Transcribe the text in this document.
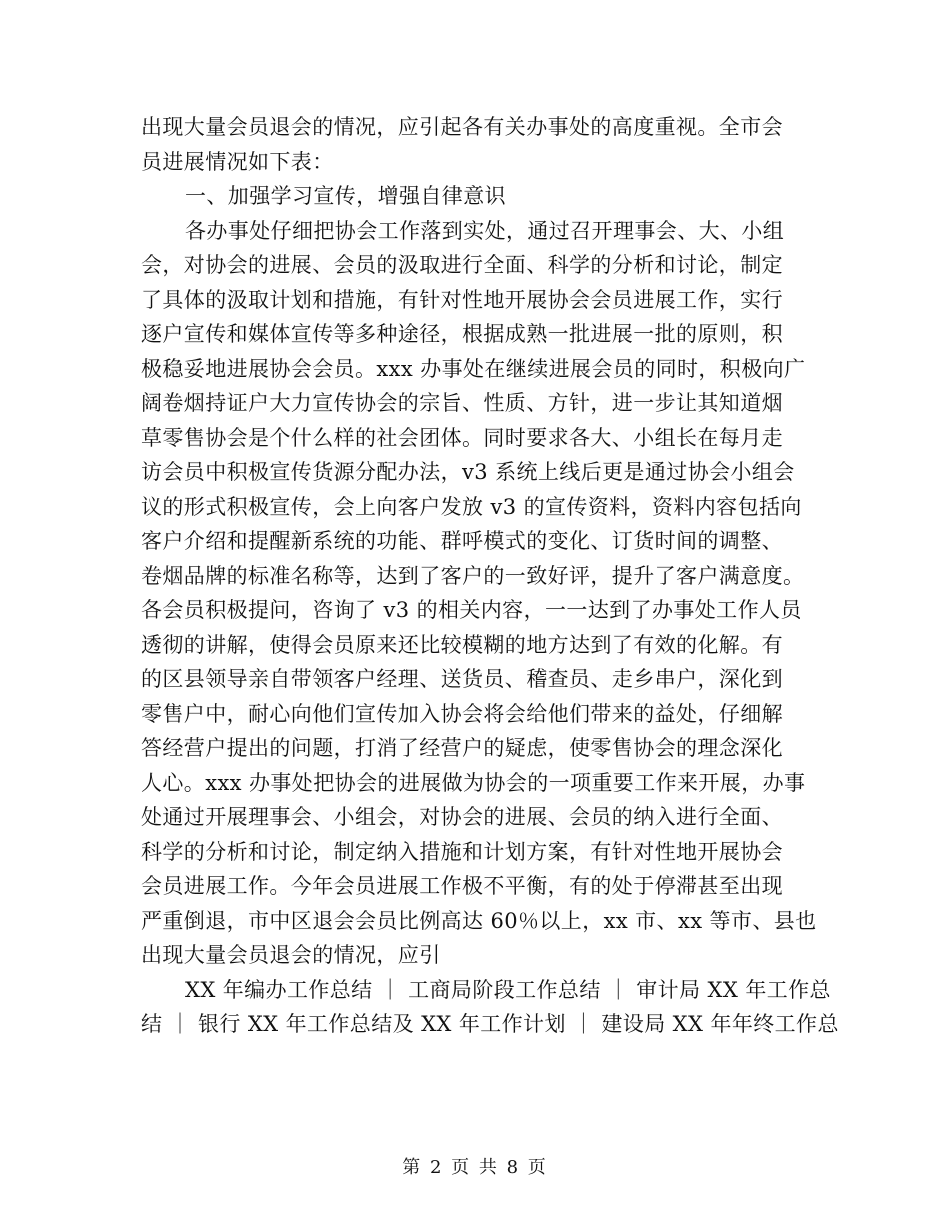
出现大量会员退会的情况，应引起各有关办事处的高度重视。全市会
员进展情况如下表：
一、加强学习宣传，增强自律意识
各办事处仔细把协会工作落到实处，通过召开理事会、大、小组
会，对协会的进展、会员的汲取进行全面、科学的分析和讨论，制定
了具体的汲取计划和措施，有针对性地开展协会会员进展工作，实行
逐户宣传和媒体宣传等多种途径，根据成熟一批进展一批的原则，积
极稳妥地进展协会会员。xxx 办事处在继续进展会员的同时，积极向广
阔卷烟持证户大力宣传协会的宗旨、性质、方针，进一步让其知道烟
草零售协会是个什么样的社会团体。同时要求各大、小组长在每月走
访会员中积极宣传货源分配办法，v3 系统上线后更是通过协会小组会
议的形式积极宣传，会上向客户发放 v3 的宣传资料，资料内容包括向
客户介绍和提醒新系统的功能、群呼模式的变化、订货时间的调整、
卷烟品牌的标准名称等，达到了客户的一致好评，提升了客户满意度。
各会员积极提问，咨询了 v3 的相关内容，一一达到了办事处工作人员
透彻的讲解，使得会员原来还比较模糊的地方达到了有效的化解。有
的区县领导亲自带领客户经理、送货员、稽查员、走乡串户，深化到
零售户中，耐心向他们宣传加入协会将会给他们带来的益处，仔细解
答经营户提出的问题，打消了经营户的疑虑，使零售协会的理念深化
人心。xxx 办事处把协会的进展做为协会的一项重要工作来开展，办事
处通过开展理事会、小组会，对协会的进展、会员的纳入进行全面、
科学的分析和讨论，制定纳入措施和计划方案，有针对性地开展协会
会员进展工作。今年会员进展工作极不平衡，有的处于停滞甚至出现
严重倒退，市中区退会会员比例高达 60％以上，xx 市、xx 等市、县也
出现大量会员退会的情况，应引
XX 年编办工作总结 ｜ 工商局阶段工作总结 ｜ 审计局 XX 年工作总
结 ｜ 银行 XX 年工作总结及 XX 年工作计划 ｜ 建设局 XX 年年终工作总
第 2 页 共 8 页
